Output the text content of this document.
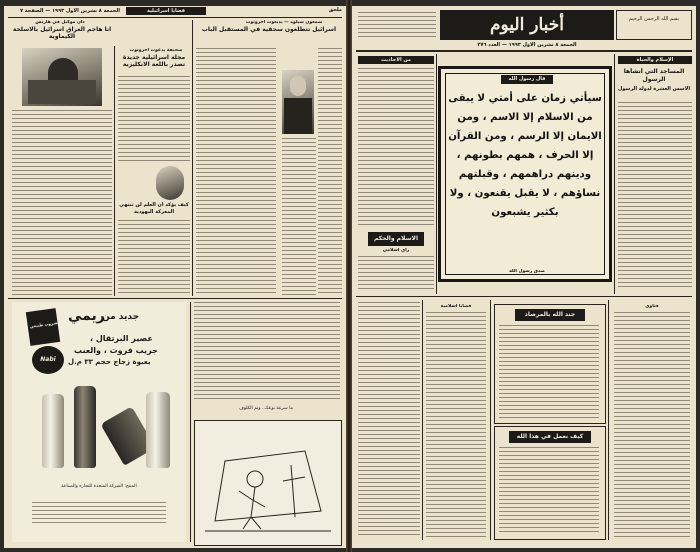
الجمعة ٨ تشرين الاول ١٩٩٣ — الصفحة ٧	قضايا اسرائيلية	ملحق
دان موكيل في هارتس
انا هاجم العراق اسرائيل بالاسلحة الكيماوية
صحيفة يدعوت احرونوت
مجلة اسرائيلية جديدة تصدر باللغة الانكليزية
كيف يؤكد ان العلم لن تنتهي المعركة اليهودية
شمعون شيلوه — يديعوت احرونوت
اسرائيل تتطلعون سحقية في المستقبل الباب
مشروب طبيعي
جديد من
ريمي
عصير البرتقال ،
جريب فروت ، والعنب
بعبوة زجاج حجم ٣٣ م.ل
Nabi fresh
المنتج: الشركة المتحدة للتجارة والصناعة
ما سرعة نوعك.. وتم الكلوف
أخبار اليوم
الجمعة ٨ تشرين الاول ١٩٩٣ — العدد ٢٧٦
بسم الله الرحمن الرحيم
الإسلام والحياة
المساجد التي أنشأها الرسول
الاسس العشرة لدولة الرسول
من الاحاديث
الاسلام والحكم
رأي اسلامي
قال رسول الله
سيأتي زمان على أمتي لا يبقى من الاسلام إلا الاسم ، ومن الايمان إلا الرسم ، ومن القرآن إلا الحرف ، همهم بطونهم ، ودينهم دراهمهم ، وقبلتهم نساؤهم ، لا يقبل يقنعون ، ولا بكثير يشبعون
صدق رسول الله
قضايا اسلامية
جند الله بالمرصاد
كيف نعمل في هذا الله
فتاوى
